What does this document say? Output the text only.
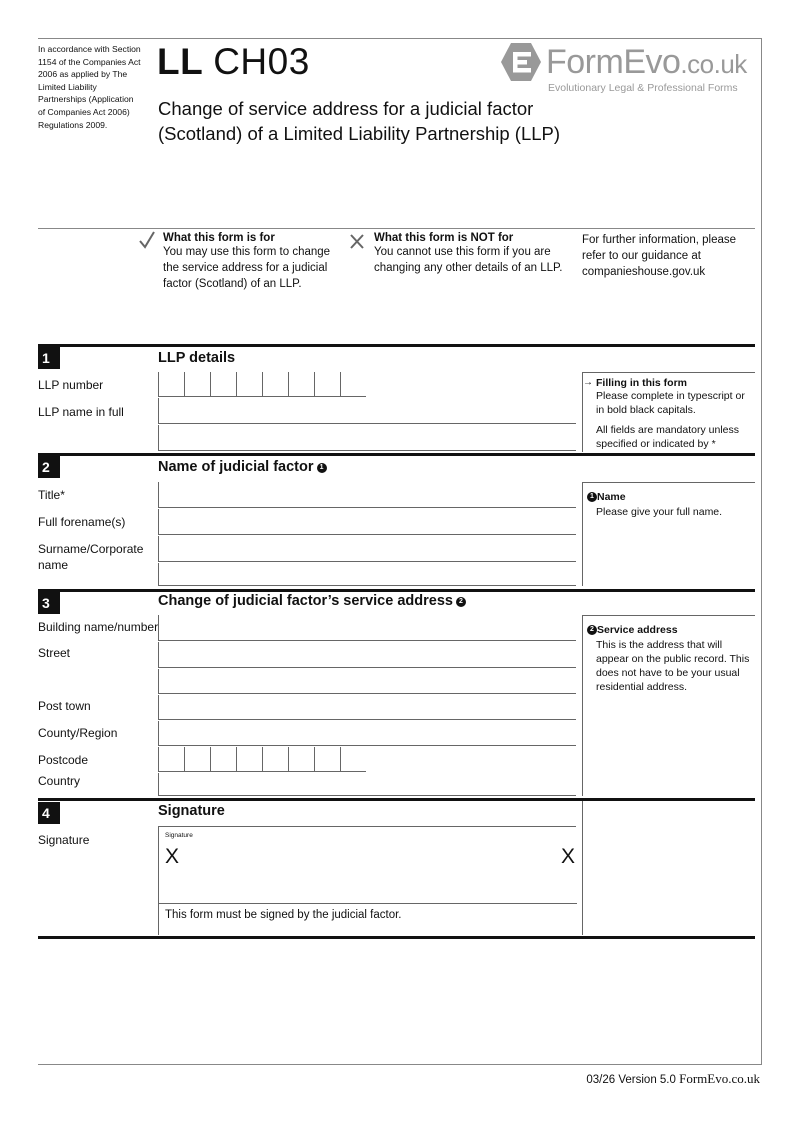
In accordance with Section 1154 of the Companies Act 2006 as applied by The Limited Liability Partnerships (Application of Companies Act 2006) Regulations 2009.
LL CH03
Change of service address for a judicial factor (Scotland) of a Limited Liability Partnership (LLP)
FormEvo.co.uk
Evolutionary Legal & Professional Forms
What this form is for
You may use this form to change the service address for a judicial factor (Scotland) of an LLP.
What this form is NOT for
You cannot use this form if you are changing any other details of an LLP.
For further information, please refer to our guidance at companieshouse.gov.uk
1	LLP details
LLP number
LLP name in full
→ Filling in this form
Please complete in typescript or in bold black capitals.
All fields are mandatory unless specified or indicated by *
2	Name of judicial factor 1
Title*
Full forename(s)
Surname/Corporate name
1 Name
Please give your full name.
3	Change of judicial factor’s service address 2
Building name/number
Street
Post town
County/Region
Postcode
Country
2 Service address
This is the address that will appear on the public record. This does not have to be your usual residential address.
4	Signature
Signature	Signature
X	X
This form must be signed by the judicial factor.
03/26 Version 5.0 FormEvo.co.uk
